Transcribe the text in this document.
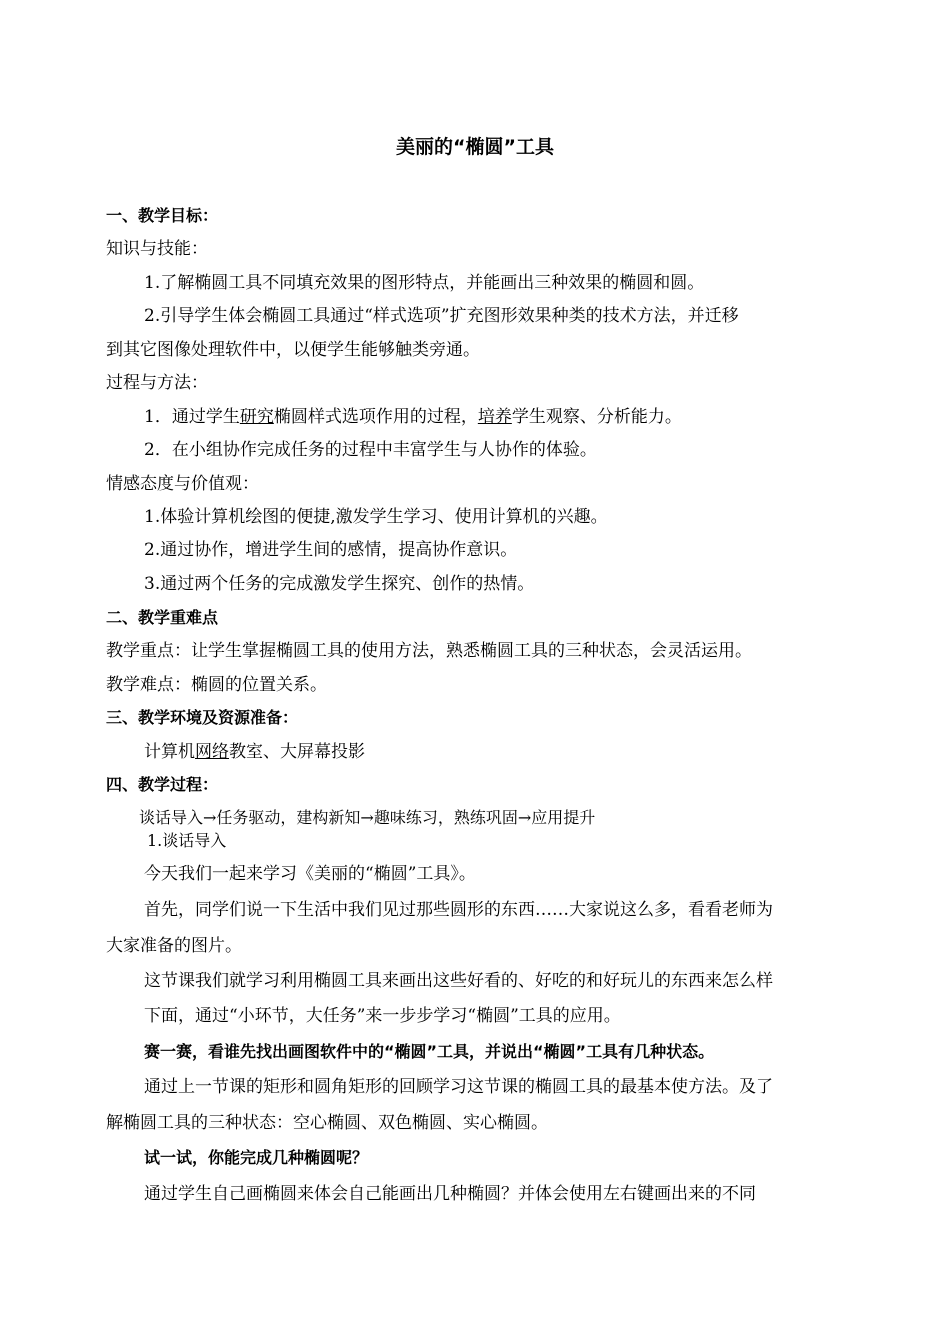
美丽的“椭圆”工具
一、教学目标：
知识与技能：
1.了解椭圆工具不同填充效果的图形特点，并能画出三种效果的椭圆和圆。
2.引导学生体会椭圆工具通过“样式选项”扩充图形效果种类的技术方法，并迁移
到其它图像处理软件中，以便学生能够触类旁通。
过程与方法：
1．通过学生研究椭圆样式选项作用的过程，培养学生观察、分析能力。
2．在小组协作完成任务的过程中丰富学生与人协作的体验。
情感态度与价值观：
1.体验计算机绘图的便捷,激发学生学习、使用计算机的兴趣。
2.通过协作，增进学生间的感情，提高协作意识。
3.通过两个任务的完成激发学生探究、创作的热情。
二、教学重难点
教学重点：让学生掌握椭圆工具的使用方法，熟悉椭圆工具的三种状态，会灵活运用。
教学难点：椭圆的位置关系。
三、教学环境及资源准备：
计算机网络教室、大屏幕投影
四、教学过程：
谈话导入→任务驱动，建构新知→趣味练习，熟练巩固→应用提升
1.谈话导入
今天我们一起来学习《美丽的“椭圆”工具》。
首先，同学们说一下生活中我们见过那些圆形的东西……大家说这么多，看看老师为
大家准备的图片。
这节课我们就学习利用椭圆工具来画出这些好看的、好吃的和好玩儿的东西来怎么样
下面，通过“小环节，大任务”来一步步学习“椭圆”工具的应用。
赛一赛，看谁先找出画图软件中的“椭圆”工具，并说出“椭圆”工具有几种状态。
通过上一节课的矩形和圆角矩形的回顾学习这节课的椭圆工具的最基本使方法。及了
解椭圆工具的三种状态：空心椭圆、双色椭圆、实心椭圆。
试一试，你能完成几种椭圆呢？
通过学生自己画椭圆来体会自己能画出几种椭圆？并体会使用左右键画出来的不同
